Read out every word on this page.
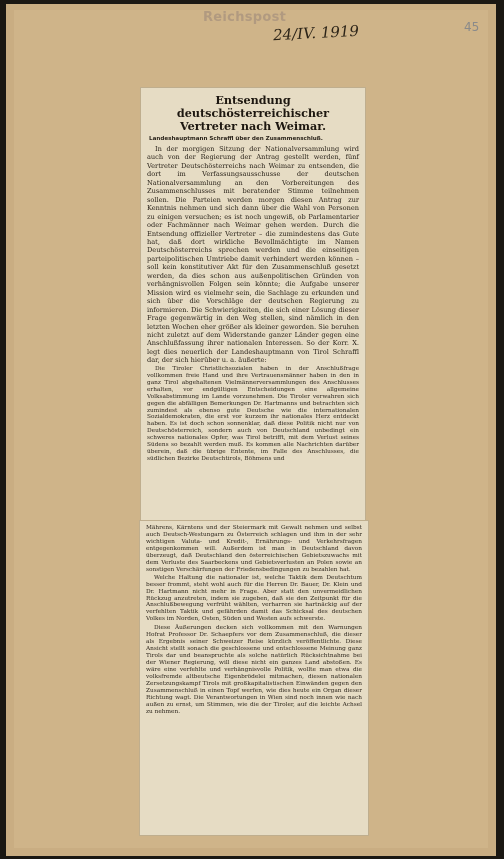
Reichspost
24/IV. 1919	45
Entsendung deutschösterreichischer
Vertreter nach Weimar.
Landeshauptmann Schraffl über den Zusammenschluß.

In der morgigen Sitzung der Nationalversammlung wird auch von der Regierung der Antrag gestellt werden, fünf Vertreter Deutschösterreichs nach Weimar zu entsenden, die dort im Verfassungsausschusse der deutschen Nationalversammlung an den Vorbereitungen des Zusammenschlusses mit beratender Stimme teilnehmen sollen. Die Parteien werden morgen diesen Antrag zur Kenntnis nehmen und sich dann über die Wahl von Personen zu einigen versuchen; es ist noch ungewiß, ob Parlamentarier oder Fachmänner nach Weimar gehen werden. Durch die Entsendung offizieller Vertreter – die zumindestens das Gute hat, daß dort wirkliche Bevollmächtigte im Namen Deutschösterreichs sprechen werden und die einseitigen parteipolitischen Umtriebe damit verhindert werden können – soll kein konstitutiver Akt für den Zusammenschluß gesetzt werden, da dies schon aus außenpolitischen Gründen von verhängnisvollen Folgen sein könnte; die Aufgabe unserer Mission wird es vielmehr sein, die Sachlage zu erkunden und sich über die Vorschläge der deutschen Regierung zu informieren. Die Schwierigkeiten, die sich einer Lösung dieser Frage gegenwärtig in den Weg stellen, sind nämlich in den letzten Wochen eher größer als kleiner geworden. Sie beruhen nicht zuletzt auf dem Widerstande ganzer Länder gegen eine Anschlußfassung ihrer nationalen Interessen. So der Korr. X. legt dies neuerlich der Landeshauptmann von Tirol Schraffl dar, der sich hierüber u. a. äußerte:

Die Tiroler Christlichsozialen haben in der Anschlußfrage vollkommen freie Hand und ihre Vertrauensmänner haben in den in ganz Tirol abgehaltenen Vielmännerversammlungen des Anschlusses erhalten, vor endgültigen Entscheidungen eine allgemeine Volksabstimmung im Lande vorzunehmen. Die Tiroler verwahren sich gegen die abfälligen Bemerkungen Dr. Hartmanns und betrachten sich zumindest als ebenso gute Deutsche wie die internationalen Sozialdemokraten, die erst vor kurzem ihr nationales Herz entdeckt haben. Es ist doch schon sonnenklar, daß diese Politik nicht nur von Deutschösterreich, sondern auch von Deutschland unbedingt ein schweres nationales Opfer, was Tirol betrifft, mit dem Verlust seines Südens so bezahlt werden muß. Es kommen alle Nachrichten darüber überein, daß die übrige Entente, im Falle des Anschlusses, die südlichen Bezirke Deutschtirols, Böhmens und

Mährens, Kärntens und der Steiermark mit Gewalt nehmen und selbst auch Deutsch-Westungarn zu Österreich schlagen und ihm in der sehr wichtigen Valuta- und Kredit-, Ernährungs- und Verkehrsfragen entgegenkommen will. Außerdem ist man in Deutschland davon überzeugt, daß Deutschland den österreichischen Gebietszuwachs mit dem Verluste des Saarbeckens und Gebietsverlusten an Polen sowie an sonstigen Verschärfungen der Friedensbedingungen zu bezahlen hat.

Welche Haltung die nationaler ist, welche Taktik dem Deutschtum besser frommt, steht wohl auch für die Herren Dr. Bauer, Dr. Klein und Dr. Hartmann nicht mehr in Frage. Aber statt den unvermeidlichen Rückzug anzutreten, indem sie zugeben, daß sie den Zeitpunkt für die Anschlußbewegung verfrüht wählten, verharren sie hartnäckig auf der verfehlten Taktik und gefährden damit das Schicksal des deutschen Volkes im Norden, Osten, Süden und Westen aufs schwerste.

Diese Äußerungen decken sich vollkommen mit den Warnungen Hofrat Professor Dr. Schaepfers vor dem Zusammenschluß, die dieser als Ergebnis seiner Schweizer Reise kürzlich veröffentlichte. Diese Ansicht stellt sonach die geschlossene und entschlossene Meinung ganz Tirols dar und beanspruchte als solche natürlich Rücksichtnahme bei der Wiener Regierung, will diese nicht ein ganzes Land abstoßen. Es wäre eine verfehlte und verhängnisvolle Politik, wollte man etwa die volksfremde altbeutsche Eigenbrödelei mitmachen, diesen nationalen Zersetzungskampf Tirols mit großkapitalistischen Einwänden gegen den Zusammenschluß in einen Topf werfen, wie dies heute ein Organ dieser Richtung wagt. Die Verantwortungen in Wien sind noch innen wie nach außen zu ernst, um Stimmen, wie die der Tiroler, auf die leichte Achsel zu nehmen.
